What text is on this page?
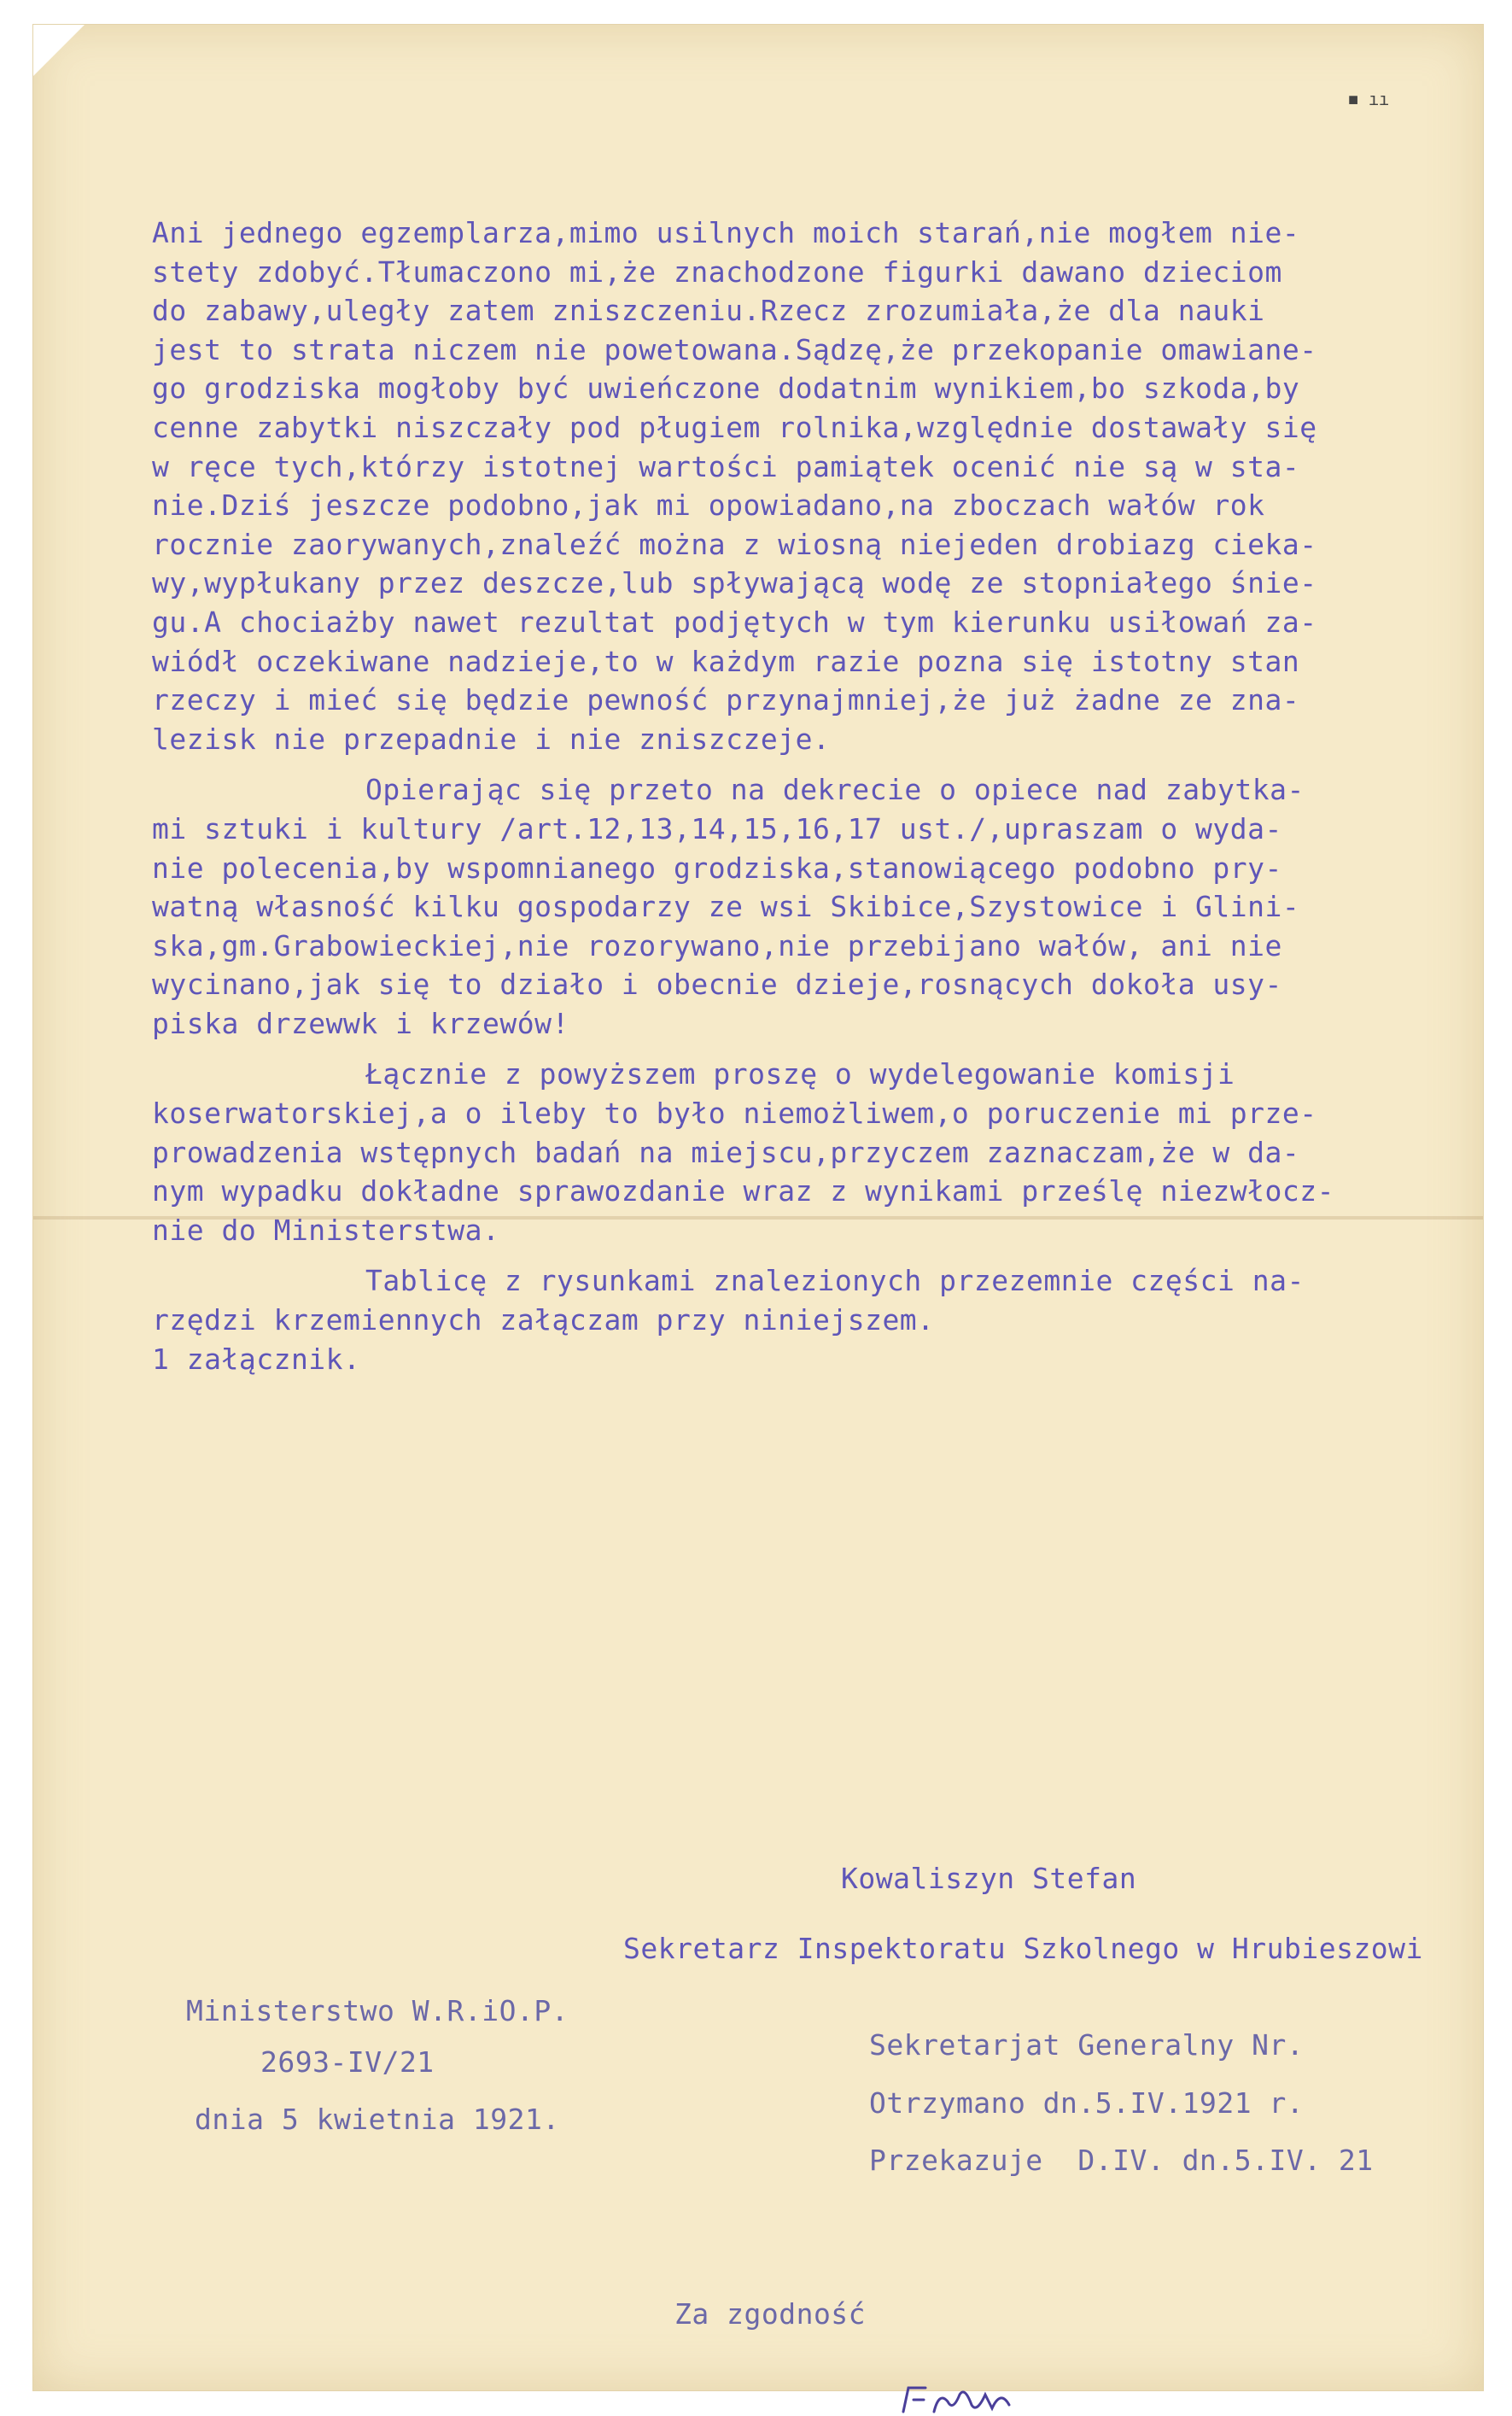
■ ıı

Ani jednego egzemplarza,mimo usilnych moich starań,nie mogłem nie-

stety zdobyć.Tłumaczono mi,że znachodzone figurki dawano dzieciom

do zabawy,uległy zatem zniszczeniu.Rzecz zrozumiała,że dla nauki

jest to strata niczem nie powetowana.Sądzę,że przekopanie omawiane-

go grodziska mogłoby być uwieńczone dodatnim wynikiem,bo szkoda,by

cenne zabytki niszczały pod pługiem rolnika,względnie dostawały się

w ręce tych,którzy istotnej wartości pamiątek ocenić nie są w sta-

nie.Dziś jeszcze podobno,jak mi opowiadano,na zboczach wałów rok

rocznie zaorywanych,znaleźć można z wiosną niejeden drobiazg cieka-

wy,wypłukany przez deszcze,lub spływającą wodę ze stopniałego śnie-

gu.A chociażby nawet rezultat podjętych w tym kierunku usiłowań za-

wiódł oczekiwane nadzieje,to w każdym razie pozna się istotny stan

rzeczy i mieć się będzie pewność przynajmniej,że już żadne ze zna-

lezisk nie przepadnie i nie zniszczeje.

Opierając się przeto na dekrecie o opiece nad zabytka-

mi sztuki i kultury /art.12,13,14,15,16,17 ust./,upraszam o wyda-

nie polecenia,by wspomnianego grodziska,stanowiącego podobno pry-

watną własność kilku gospodarzy ze wsi Skibice,Szystowice i Glini-

ska,gm.Grabowieckiej,nie rozorywano,nie przebijano wałów, ani nie

wycinano,jak się to działo i obecnie dzieje,rosnących dokoła usy-

piska drzewwk i krzewów!

Łącznie z powyższem proszę o wydelegowanie komisji

koserwatorskiej,a o ileby to było niemożliwem,o poruczenie mi prze-

prowadzenia wstępnych badań na miejscu,przyczem zaznaczam,że w da-

nym wypadku dokładne sprawozdanie wraz z wynikami prześlę niezwłocz-

nie do Ministerstwa.

Tablicę z rysunkami znalezionych przezemnie części na-

rzędzi krzemiennych załączam przy niniejszem.

1 załącznik.

Kowaliszyn Stefan
Sekretarz Inspektoratu Szkolnego w Hrubieszowi
Ministerstwo W.R.iO.P.
2693-IV/21
dnia 5 kwietnia 1921.
Sekretarjat Generalny Nr.
Otrzymano dn.5.IV.1921 r.
Przekazuje  D.IV. dn.5.IV. 21
Za zgodność
